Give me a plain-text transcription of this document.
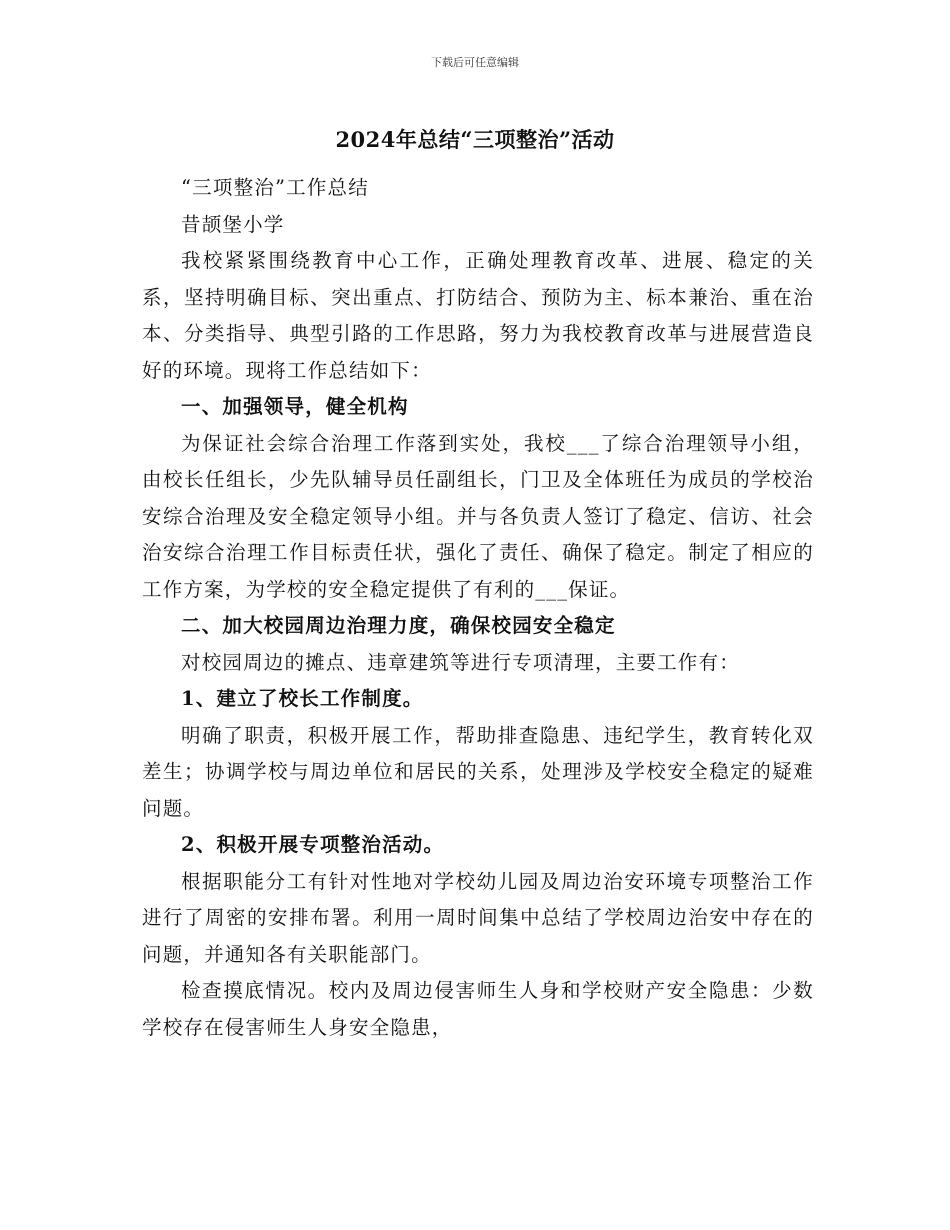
下载后可任意编辑
2024年总结“三项整治”活动

“三项整治”工作总结

昔颉堡小学

我校紧紧围绕教育中心工作，正确处理教育改革、进展、稳定的关系，坚持明确目标、突出重点、打防结合、预防为主、标本兼治、重在治本、分类指导、典型引路的工作思路，努力为我校教育改革与进展营造良好的环境。现将工作总结如下：

一、加强领导，健全机构

为保证社会综合治理工作落到实处，我校___了综合治理领导小组，由校长任组长，少先队辅导员任副组长，门卫及全体班任为成员的学校治安综合治理及安全稳定领导小组。并与各负责人签订了稳定、信访、社会治安综合治理工作目标责任状，强化了责任、确保了稳定。制定了相应的工作方案，为学校的安全稳定提供了有利的___保证。

二、加大校园周边治理力度，确保校园安全稳定

对校园周边的摊点、违章建筑等进行专项清理，主要工作有：

1、建立了校长工作制度。

明确了职责，积极开展工作，帮助排查隐患、违纪学生，教育转化双差生；协调学校与周边单位和居民的关系，处理涉及学校安全稳定的疑难问题。

2、积极开展专项整治活动。

根据职能分工有针对性地对学校幼儿园及周边治安环境专项整治工作进行了周密的安排布署。利用一周时间集中总结了学校周边治安中存在的问题，并通知各有关职能部门。

检查摸底情况。校内及周边侵害师生人身和学校财产安全隐患：少数学校存在侵害师生人身安全隐患，
